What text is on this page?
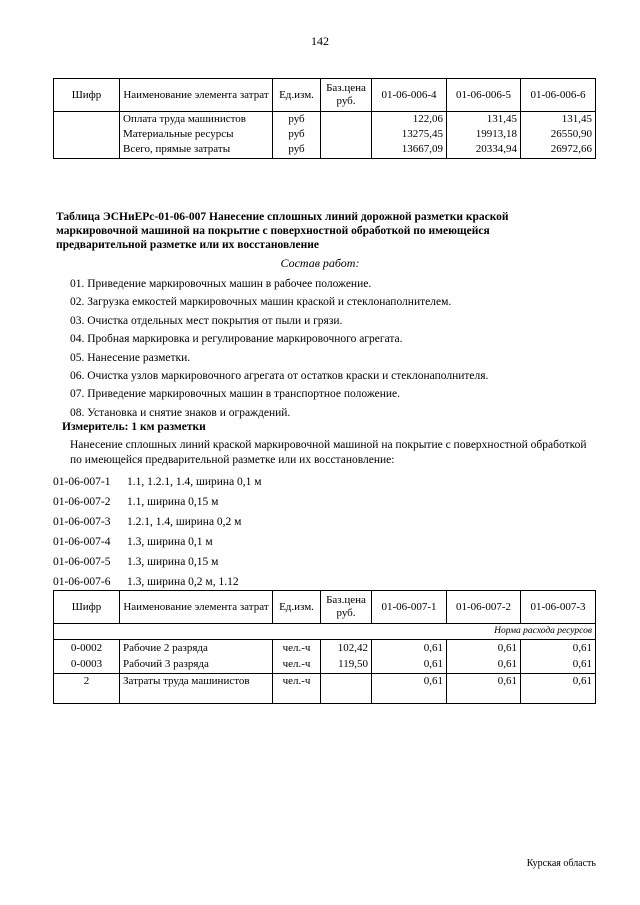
142
Шифр	Наименование элемента затрат	Ед.изм.	Баз.цена руб.	01-06-006-4	01-06-006-5	01-06-006-6
	Оплата труда машинистов	руб		122,06	131,45	131,45
	Материальные ресурсы	руб		13275,45	19913,18	26550,90
	Всего, прямые затраты	руб		13667,09	20334,94	26972,66
Таблица ЭСНиЕРс-01-06-007 Нанесение сплошных линий дорожной разметки краской маркировочной машиной на покрытие с поверхностной обработкой по имеющейся предварительной разметке или их восстановление
Состав работ:
01. Приведение маркировочных машин в рабочее положение.
02. Загрузка емкостей маркировочных машин краской и стеклонаполнителем.
03. Очистка отдельных мест покрытия от пыли и грязи.
04. Пробная маркировка и регулирование маркировочного агрегата.
05. Нанесение разметки.
06. Очистка узлов маркировочного агрегата от остатков краски и стеклонаполнителя.
07. Приведение маркировочных машин в транспортное положение.
08. Установка и снятие знаков и ограждений.
Измеритель: 1 км разметки
Нанесение сплошных линий краской маркировочной машиной на покрытие с поверхностной обработкой по имеющейся предварительной разметке или их восстановление:
01-06-007-1 1.1, 1.2.1, 1.4, ширина 0,1 м
01-06-007-2 1.1, ширина 0,15 м
01-06-007-3 1.2.1, 1.4, ширина 0,2 м
01-06-007-4 1.3, ширина 0,1 м
01-06-007-5 1.3, ширина 0,15 м
01-06-007-6 1.3, ширина 0,2 м, 1.12
Шифр	Наименование элемента затрат	Ед.изм.	Баз.цена руб.	01-06-007-1	01-06-007-2	01-06-007-3
Норма расхода ресурсов						
0-0002	Рабочие 2 разряда	чел.-ч	102,42	0,61	0,61	0,61
0-0003	Рабочий 3 разряда	чел.-ч	119,50	0,61	0,61	0,61
2	Затраты труда машинистов	чел.-ч		0,61	0,61	0,61
Курская область
